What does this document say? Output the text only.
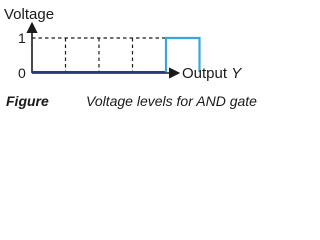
Voltage
1
0	Output Y
Figure	Voltage levels for AND gate
